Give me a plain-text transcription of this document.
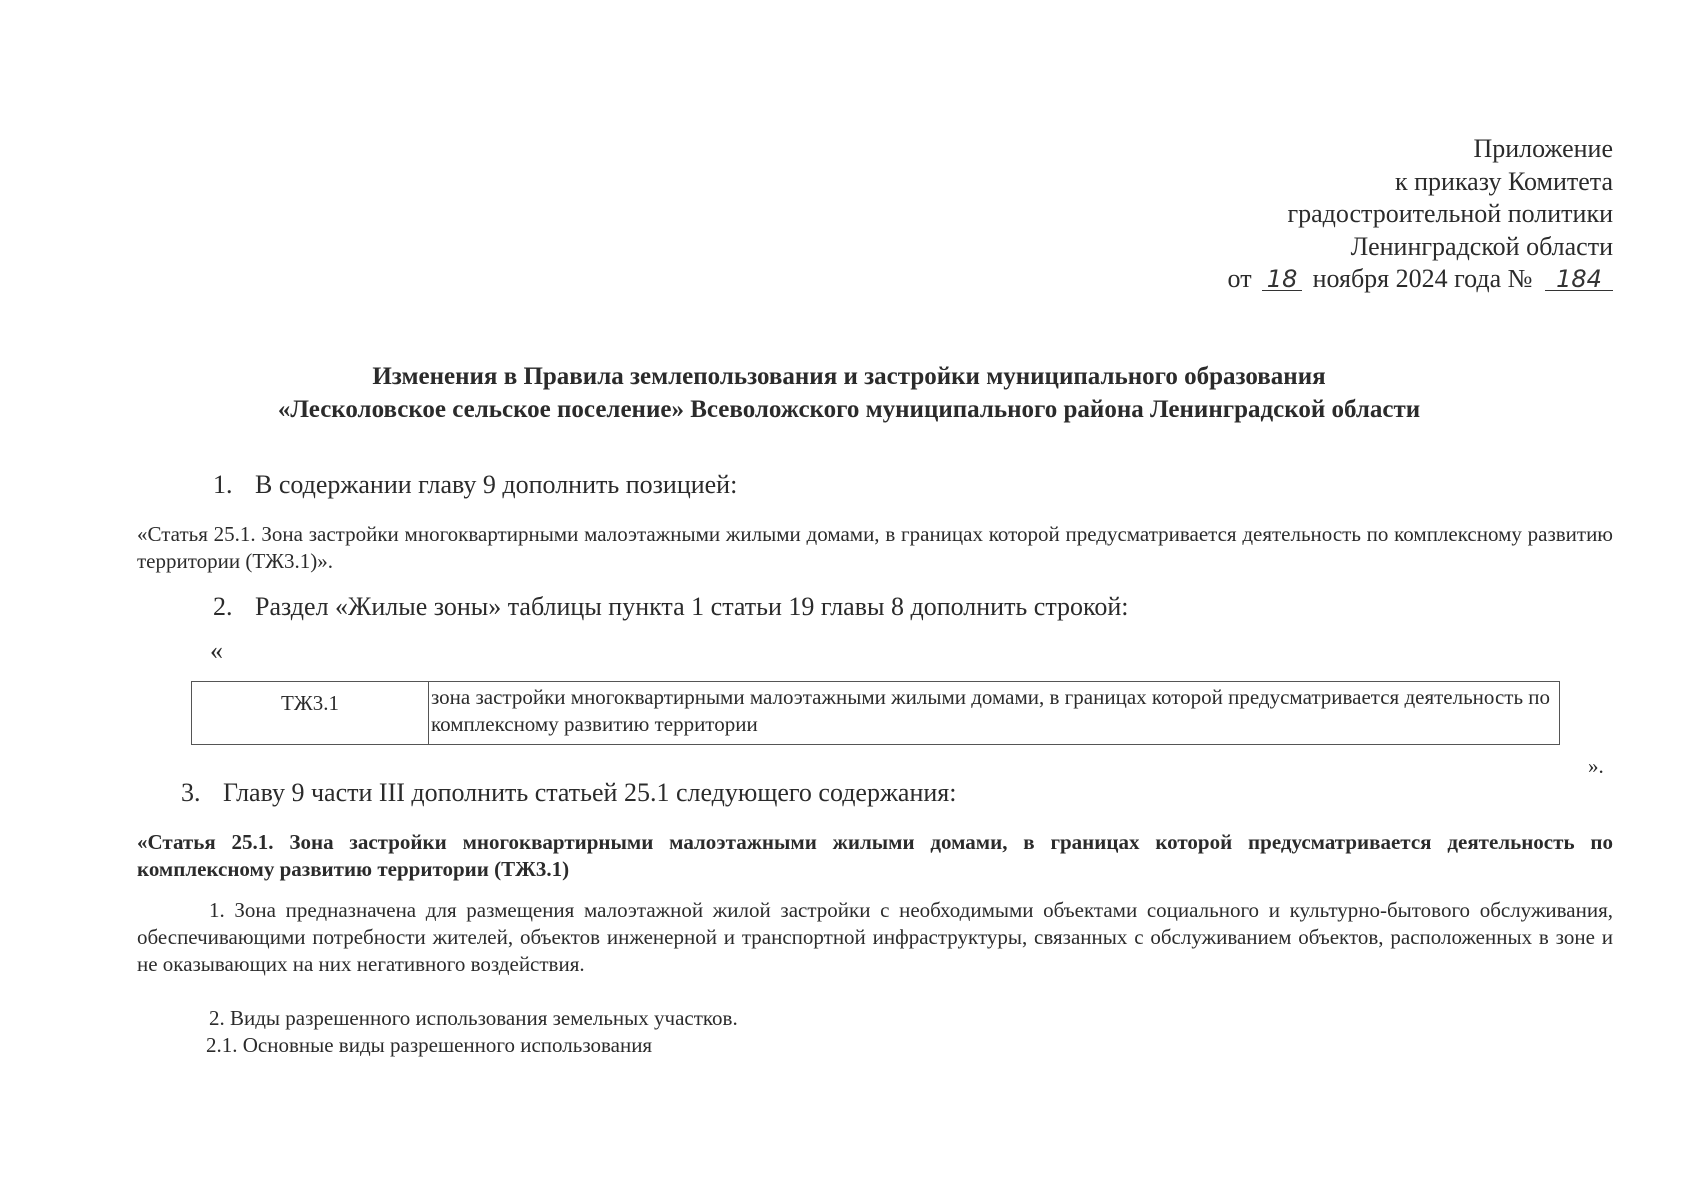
Приложение
к приказу Комитета
градостроительной политики
Ленинградской области
от 18 ноября 2024 года № 184
Изменения в Правила землепользования и застройки муниципального образования
«Лесколовское сельское поселение» Всеволожского муниципального района Ленинградской области
1. В содержании главу 9 дополнить позицией:
«Статья 25.1. Зона застройки многоквартирными малоэтажными жилыми домами, в границах которой предусматривается деятельность по комплексному развитию территории (ТЖ3.1)».
2. Раздел «Жилые зоны» таблицы пункта 1 статьи 19 главы 8 дополнить строкой:
«
ТЖ3.1	зона застройки многоквартирными малоэтажными жилыми домами, в границах которой предусматривается деятельность по комплексному развитию территории
».
3. Главу 9 части III дополнить статьей 25.1 следующего содержания:
«Статья 25.1. Зона застройки многоквартирными малоэтажными жилыми домами, в границах которой предусматривается деятельность по комплексному развитию территории (ТЖ3.1)
1. Зона предназначена для размещения малоэтажной жилой застройки с необходимыми объектами социального и культурно-бытового обслуживания, обеспечивающими потребности жителей, объектов инженерной и транспортной инфраструктуры, связанных с обслуживанием объектов, расположенных в зоне и не оказывающих на них негативного воздействия.
2. Виды разрешенного использования земельных участков.
2.1. Основные виды разрешенного использования
